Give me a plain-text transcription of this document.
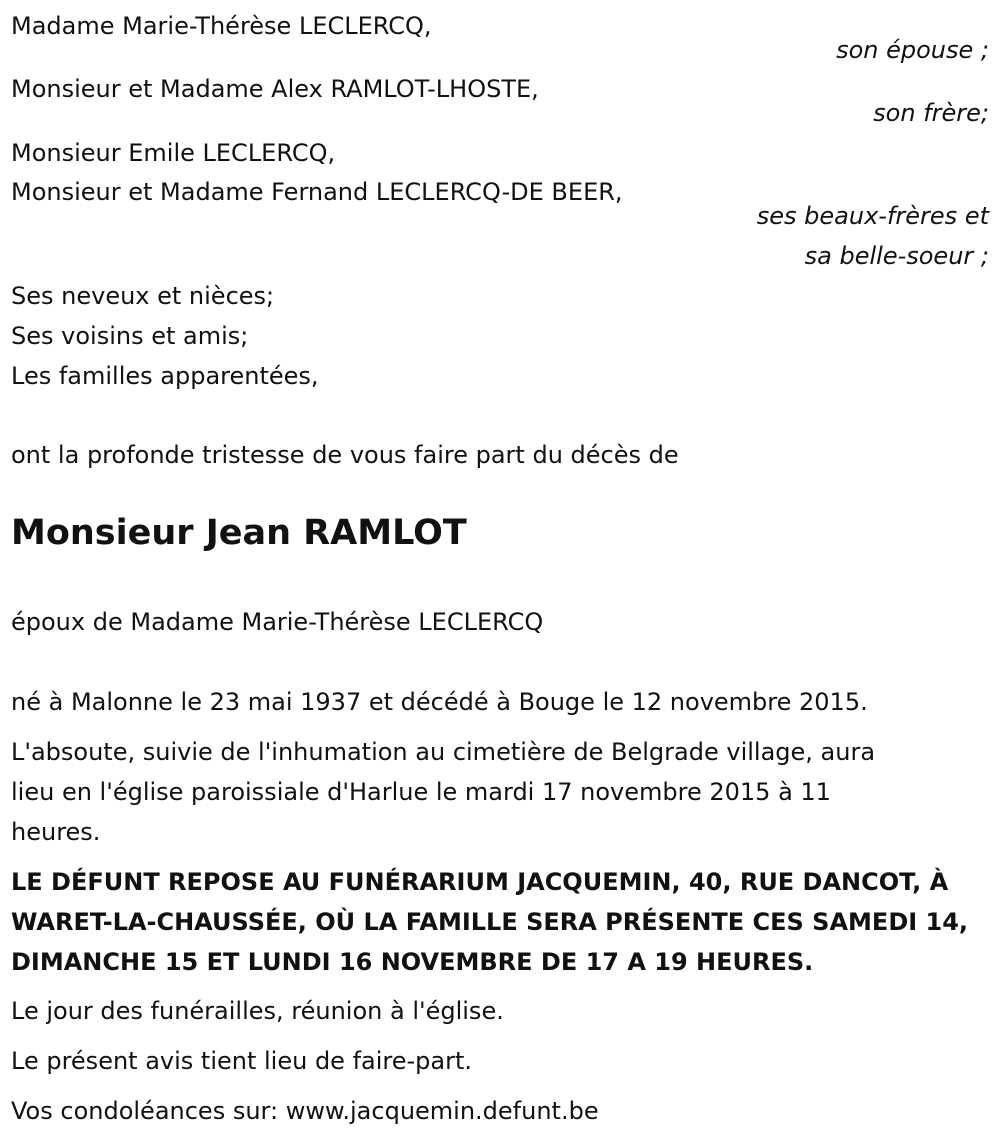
Madame Marie-Thérèse LECLERCQ,
son épouse ;
Monsieur et Madame Alex RAMLOT-LHOSTE,
son frère;
Monsieur Emile LECLERCQ,
Monsieur et Madame Fernand LECLERCQ-DE BEER,
ses beaux-frères et
sa belle-soeur ;
Ses neveux et nièces;
Ses voisins et amis;
Les familles apparentées,
ont la profonde tristesse de vous faire part du décès de
Monsieur Jean RAMLOT
époux de Madame Marie-Thérèse LECLERCQ
né à Malonne le 23 mai 1937 et décédé à Bouge le 12 novembre 2015.
L'absoute, suivie de l'inhumation au cimetière de Belgrade village, aura
lieu en l'église paroissiale d'Harlue le mardi 17 novembre 2015 à 11
heures.
LE DÉFUNT REPOSE AU FUNÉRARIUM JACQUEMIN, 40, RUE DANCOT, À
WARET-LA-CHAUSSÉE, OÙ LA FAMILLE SERA PRÉSENTE CES SAMEDI 14,
DIMANCHE 15 ET LUNDI 16 NOVEMBRE DE 17 A 19 HEURES.
Le jour des funérailles, réunion à l'église.
Le présent avis tient lieu de faire-part.
Vos condoléances sur: www.jacquemin.defunt.be
